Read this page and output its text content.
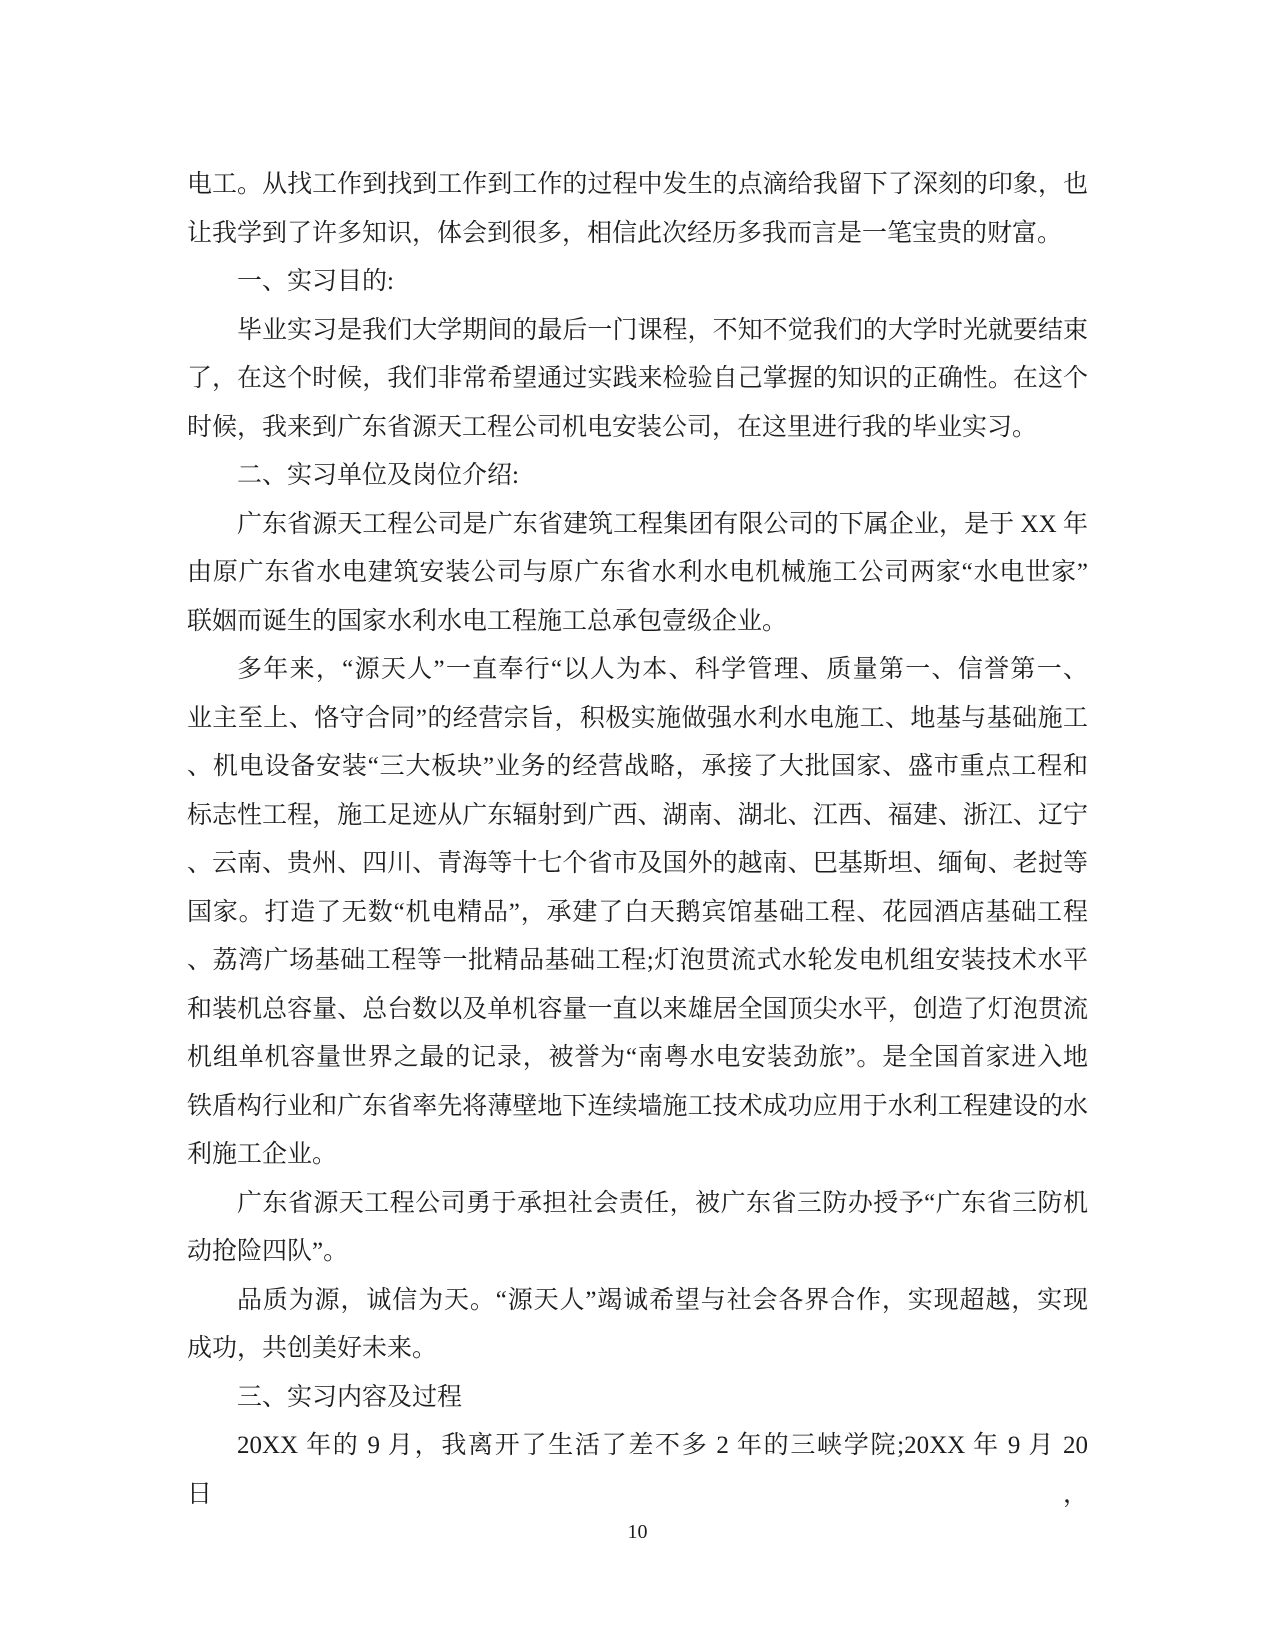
电工。从找工作到找到工作到工作的过程中发生的点滴给我留下了深刻的印象，也
让我学到了许多知识，体会到很多，相信此次经历多我而言是一笔宝贵的财富。
一、实习目的:
毕业实习是我们大学期间的最后一门课程，不知不觉我们的大学时光就要结束
了，在这个时候，我们非常希望通过实践来检验自己掌握的知识的正确性。在这个
时候，我来到广东省源天工程公司机电安装公司，在这里进行我的毕业实习。
二、实习单位及岗位介绍:
广东省源天工程公司是广东省建筑工程集团有限公司的下属企业，是于 XX 年
由原广东省水电建筑安装公司与原广东省水利水电机械施工公司两家“水电世家”
联姻而诞生的国家水利水电工程施工总承包壹级企业。
多年来，“源天人”一直奉行“以人为本、科学管理、质量第一、信誉第一、
业主至上、恪守合同”的经营宗旨，积极实施做强水利水电施工、地基与基础施工
、机电设备安装“三大板块”业务的经营战略，承接了大批国家、盛市重点工程和
标志性工程，施工足迹从广东辐射到广西、湖南、湖北、江西、福建、浙江、辽宁
、云南、贵州、四川、青海等十七个省市及国外的越南、巴基斯坦、缅甸、老挝等
国家。打造了无数“机电精品”，承建了白天鹅宾馆基础工程、花园酒店基础工程
、荔湾广场基础工程等一批精品基础工程;灯泡贯流式水轮发电机组安装技术水平
和装机总容量、总台数以及单机容量一直以来雄居全国顶尖水平，创造了灯泡贯流
机组单机容量世界之最的记录，被誉为“南粤水电安装劲旅”。是全国首家进入地
铁盾构行业和广东省率先将薄壁地下连续墙施工技术成功应用于水利工程建设的水
利施工企业。
广东省源天工程公司勇于承担社会责任，被广东省三防办授予“广东省三防机
动抢险四队”。
品质为源，诚信为天。“源天人”竭诚希望与社会各界合作，实现超越，实现
成功，共创美好未来。
三、实习内容及过程
20XX 年的 9 月，我离开了生活了差不多 2 年的三峡学院;20XX 年 9 月 20 日，
10
